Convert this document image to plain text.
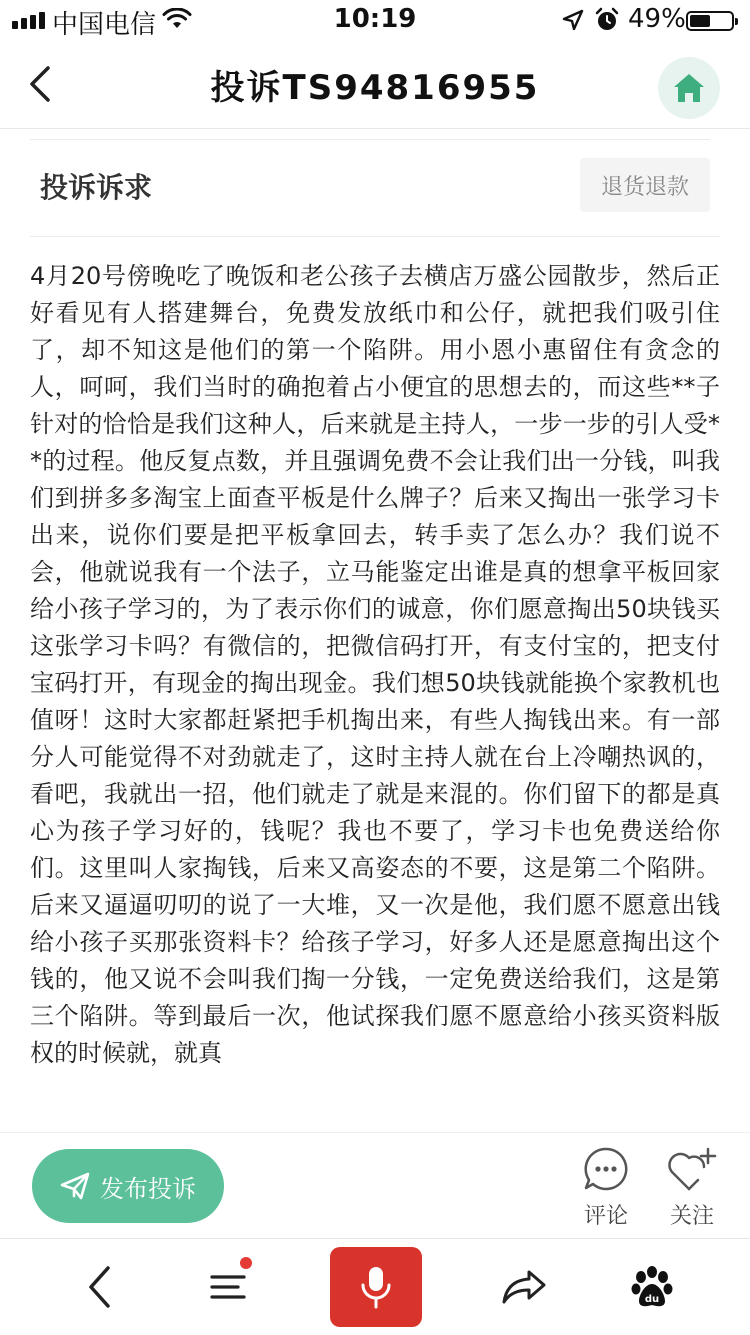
中国电信	10:19	49%
投诉TS94816955
投诉诉求	退货退款
4月20号傍晚吃了晚饭和老公孩子去横店万盛公园散步，然后正好看见有人搭建舞台，免费发放纸巾和公仔，就把我们吸引住了，却不知这是他们的第一个陷阱。用小恩小惠留住有贪念的人，呵呵，我们当时的确抱着占小便宜的思想去的，而这些**子针对的恰恰是我们这种人，后来就是主持人，一步一步的引人受**的过程。他反复点数，并且强调免费不会让我们出一分钱，叫我们到拼多多淘宝上面查平板是什么牌子？后来又掏出一张学习卡出来，说你们要是把平板拿回去，转手卖了怎么办？我们说不会，他就说我有一个法子，立马能鉴定出谁是真的想拿平板回家给小孩子学习的，为了表示你们的诚意，你们愿意掏出50块钱买这张学习卡吗？有微信的，把微信码打开，有支付宝的，把支付宝码打开，有现金的掏出现金。我们想50块钱就能换个家教机也值呀！这时大家都赶紧把手机掏出来，有些人掏钱出来。有一部分人可能觉得不对劲就走了，这时主持人就在台上冷嘲热讽的，看吧，我就出一招，他们就走了就是来混的。你们留下的都是真心为孩子学习好的，钱呢？我也不要了，学习卡也免费送给你们。这里叫人家掏钱，后来又高姿态的不要，这是第二个陷阱。后来又逼逼叨叨的说了一大堆，又一次是他，我们愿不愿意出钱给小孩子买那张资料卡？给孩子学习，好多人还是愿意掏出这个钱的，他又说不会叫我们掏一分钱，一定免费送给我们，这是第三个陷阱。等到最后一次，他试探我们愿不愿意给小孩买资料版权的时候就，就真
发布投诉
评论	关注
du
